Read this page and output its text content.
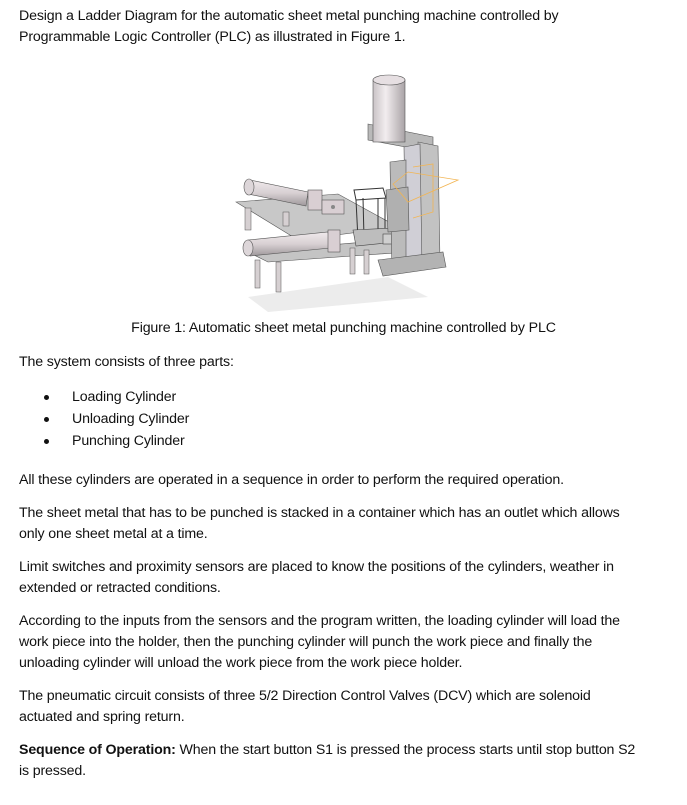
Design a Ladder Diagram for the automatic sheet metal punching machine controlled by
Programmable Logic Controller (PLC) as illustrated in Figure 1.

Figure 1: Automatic sheet metal punching machine controlled by PLC

The system consists of three parts:

Loading Cylinder
Unloading Cylinder
Punching Cylinder

All these cylinders are operated in a sequence in order to perform the required operation.

The sheet metal that has to be punched is stacked in a container which has an outlet which allows
only one sheet metal at a time.

Limit switches and proximity sensors are placed to know the positions of the cylinders, weather in
extended or retracted conditions.

According to the inputs from the sensors and the program written, the loading cylinder will load the
work piece into the holder, then the punching cylinder will punch the work piece and finally the
unloading cylinder will unload the work piece from the work piece holder.

The pneumatic circuit consists of three 5/2 Direction Control Valves (DCV) which are solenoid
actuated and spring return.

Sequence of Operation: When the start button S1 is pressed the process starts until stop button S2
is pressed.
